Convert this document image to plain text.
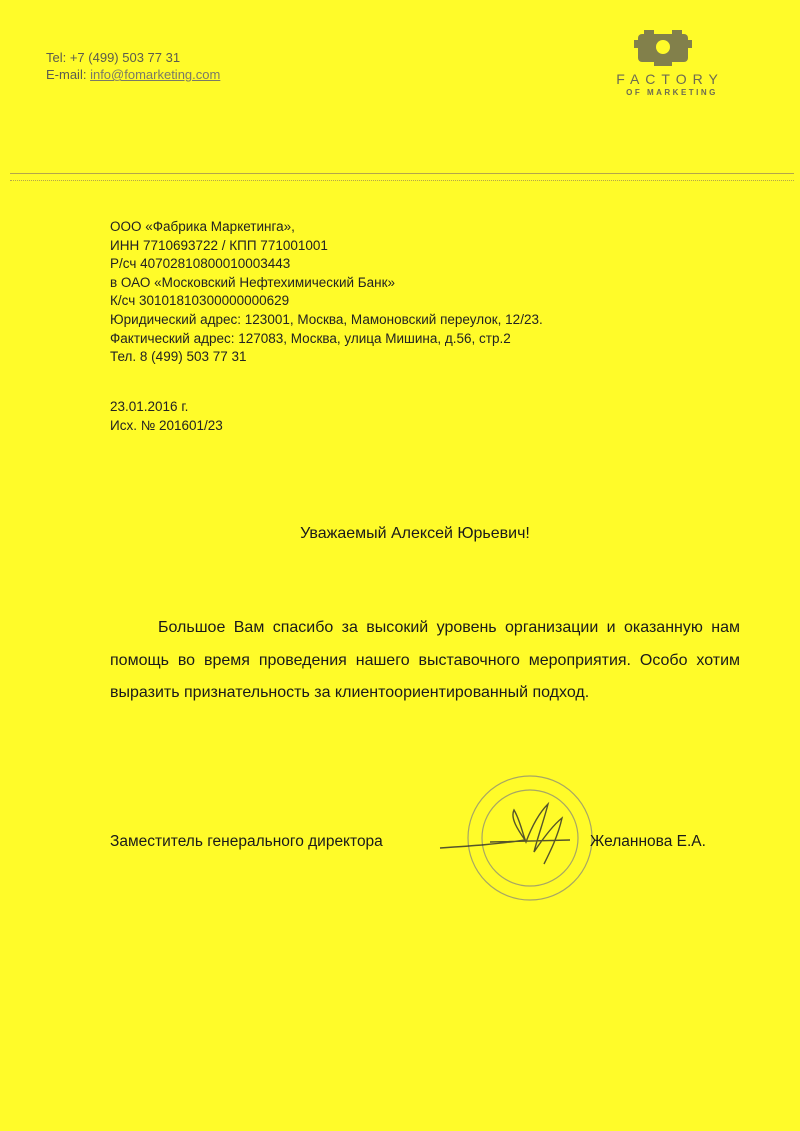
Tel: +7 (499) 503 77 31
E-mail: info@fomarketing.com	FACTORY
OF MARKETING
ООО «Фабрика Маркетинга»,
ИНН 7710693722 / КПП 771001001
Р/сч 40702810800010003443
в ОАО «Московский Нефтехимический Банк»
К/сч 30101810300000000629
Юридический адрес: 123001, Москва, Мамоновский переулок, 12/23.
Фактический адрес: 127083, Москва, улица Мишина, д.56, стр.2
Тел. 8 (499) 503 77 31
23.01.2016 г.
Исх. № 201601/23
Уважаемый Алексей Юрьевич!
Большое Вам спасибо за высокий уровень организации и оказанную нам помощь во время проведения нашего выставочного мероприятия. Особо хотим выразить признательность за клиентоориентированный подход.
Заместитель генерального директора	Желаннова Е.А.
